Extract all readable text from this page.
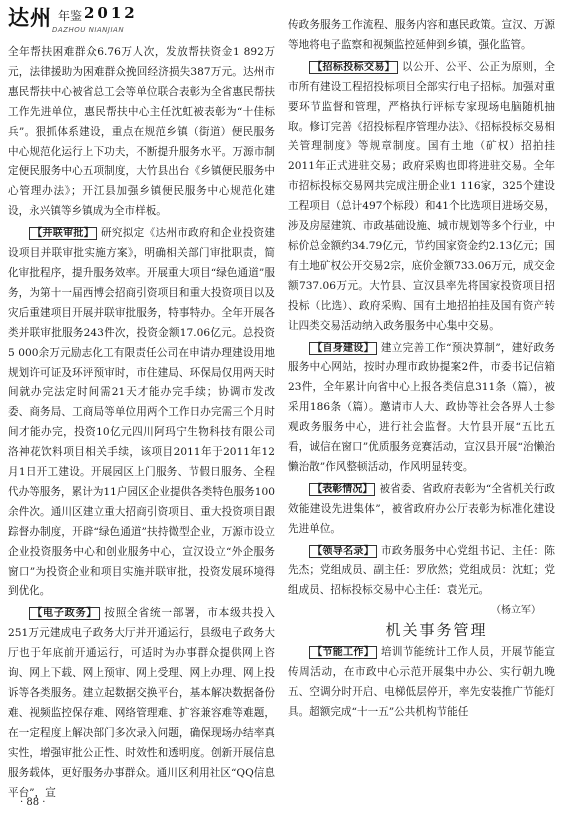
达州 年鉴 2012
DAZHOU NIANJIAN

全年帮扶困难群众6.76万人次，发放帮扶资金1 892万元，法律援助为困难群众挽回经济损失387万元。达州市惠民帮扶中心被省总工会等单位联合表彰为全省惠民帮扶工作先进单位，惠民帮扶中心主任沈虹被表彰为“十佳标兵”。狠抓体系建设，重点在规范乡镇（街道）便民服务中心规范化运行上下功夫，不断提升服务水平。万源市制定便民服务中心五项制度，大竹县出台《乡镇便民服务中心管理办法》；开江县加强乡镇便民服务中心规范化建设，永兴镇等乡镇成为全市样板。

【并联审批】 研究拟定《达州市政府和企业投资建设项目并联审批实施方案》，明确相关部门审批职责，简化审批程序，提升服务效率。开展重大项目“绿色通道”服务，为第十一届西博会招商引资项目和重大投资项目以及灾后重建项目开展并联审批服务，特事特办。全年开展各类并联审批服务243件次，投资金额17.06亿元。总投资5 000余万元励志化工有限责任公司在申请办理建设用地规划许可证及环评预审时，市住建局、环保局仅用两天时间就办完法定时间需21天才能办完手续；协调市发改委、商务局、工商局等单位用两个工作日办完需三个月时间才能办完，投资10亿元四川阿玛宁生物科技有限公司洛神花饮料项目相关手续，该项目2011年于2011年12月1日开工建设。开展园区上门服务、节假日服务、全程代办等服务，累计为11户园区企业提供各类特色服务100余件次。通川区建立重大招商引资项目、重大投资项目跟踪督办制度，开辟“绿色通道”扶持微型企业，万源市设立企业投资服务中心和创业服务中心，宣汉设立“外企服务窗口”为投资企业和项目实施并联审批，投资发展环境得到优化。

【电子政务】 按照全省统一部署，市本级共投入251万元建成电子政务大厅并开通运行，县级电子政务大厅也于年底前开通运行，可适时为办事群众提供网上咨询、网上下载、网上预审、网上受理、网上办理、网上投诉等各类服务。建立起数据交换平台，基本解决数据备份难、视频监控保存难、网络管理难、扩容兼容难等难题，在一定程度上解决部门多次录入问题，确保现场办结率真实性，增强审批公正性、时效性和透明度。创新开展信息服务载体，更好服务办事群众。通川区利用社区“QQ信息平台”，宣

传政务服务工作流程、服务内容和惠民政策。宣汉、万源等地将电子监察和视频监控延伸到乡镇，强化监管。

【招标投标交易】 以公开、公平、公正为原则，全市所有建设工程招投标项目全部实行电子招标。加强对重要环节监督和管理，严格执行评标专家现场电脑随机抽取。修订完善《招投标程序管理办法》、《招标投标交易相关管理制度》等规章制度。国有土地（矿权）招拍挂2011年正式进驻交易；政府采购也即将进驻交易。全年市招标投标交易网共完成注册企业1 116家，325个建设工程项目（总计497个标段）和41个比选项目进场交易，涉及房屋建筑、市政基础设施、城市规划等多个行业，中标价总金额约34.79亿元，节约国家资金约2.13亿元；国有土地矿权公开交易2宗，底价金额733.06万元，成交金额737.06万元。大竹县、宣汉县率先将国家投资项目招投标（比选）、政府采购、国有土地招拍挂及国有资产转让四类交易活动纳入政务服务中心集中交易。

【自身建设】 建立完善工作“预决算制”，建好政务服务中心网站，按时办理市政协提案2件，市委书记信箱23件，全年累计向省中心上报各类信息311条（篇），被采用186条（篇）。邀请市人大、政协等社会各界人士参观政务服务中心，进行社会监督。大竹县开展“五比五看，诚信在窗口”优质服务竞赛活动，宣汉县开展“治懒治懒治散”作风整顿活动，作风明显转变。

【表彰情况】 被省委、省政府表彰为“全省机关行政效能建设先进集体”，被省政府办公厅表彰为标准化建设先进单位。

【领导名录】 市政务服务中心党组书记、主任：陈先杰；党组成员、副主任：罗欣然；党组成员：沈虹；党组成员、招标投标交易中心主任：袁光元。

（杨立军）

机关事务管理

【节能工作】 培训节能统计工作人员，开展节能宣传周活动，在市政中心示范开展集中办公、实行朝九晚五、空调分时开启、电梯低层停开，率先安装推广节能灯具。超额完成“十一五”公共机构节能任

· 88 ·
